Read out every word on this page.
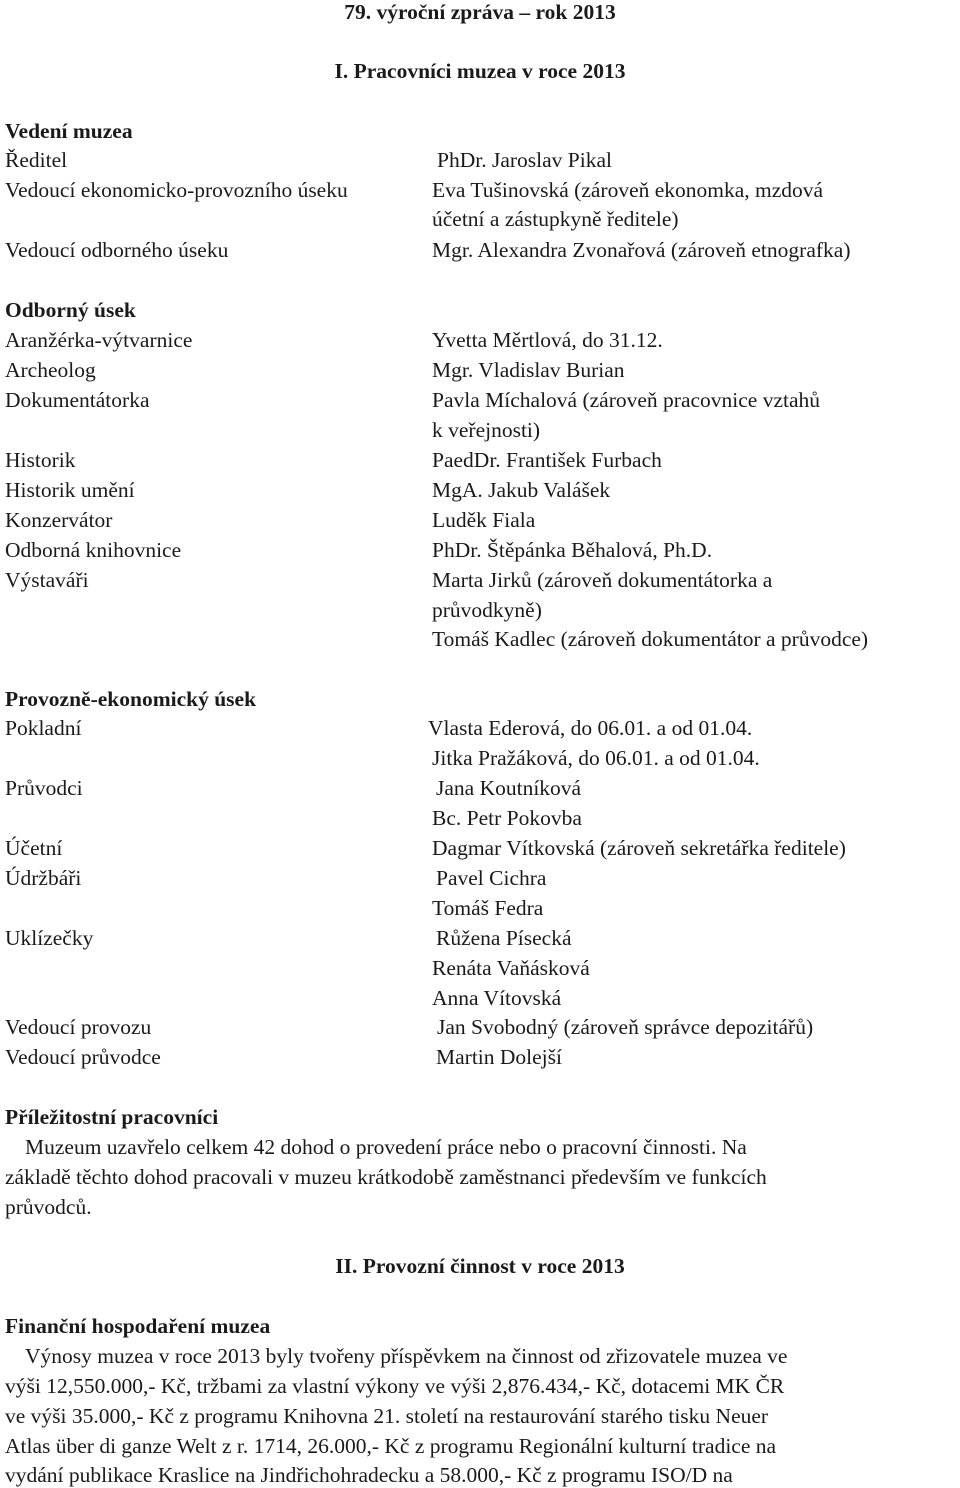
79. výroční zpráva – rok 2013
I. Pracovníci muzea v roce 2013
Vedení muzea
Ředitel	PhDr. Jaroslav Pikal
Vedoucí ekonomicko-provozního úseku	Eva Tušinovská (zároveň ekonomka, mzdová
účetní a zástupkyně ředitele)
Vedoucí odborného úseku	Mgr. Alexandra Zvonařová (zároveň etnografka)
Odborný úsek
Aranžérka-výtvarnice	Yvetta Měrtlová, do 31.12.
Archeolog	Mgr. Vladislav Burian
Dokumentátorka	Pavla Míchalová (zároveň pracovnice vztahů
k veřejnosti)
Historik	PaedDr. František Furbach
Historik umění	MgA. Jakub Valášek
Konzervátor	Luděk Fiala
Odborná knihovnice	PhDr. Štěpánka Běhalová, Ph.D.
Výstaváři	Marta Jirků (zároveň dokumentátorka a
průvodkyně)
Tomáš Kadlec (zároveň dokumentátor a průvodce)
Provozně-ekonomický úsek
Pokladní	Vlasta Ederová, do 06.01. a od 01.04.
Jitka Pražáková, do 06.01. a od 01.04.
Průvodci	Jana Koutníková
Bc. Petr Pokovba
Účetní	Dagmar Vítkovská (zároveň sekretářka ředitele)
Údržbáři	Pavel Cichra
Tomáš Fedra
Uklízečky	Růžena Písecká
Renáta Vaňásková
Anna Vítovská
Vedoucí provozu	Jan Svobodný (zároveň správce depozitářů)
Vedoucí průvodce	Martin Dolejší
Příležitostní pracovníci
Muzeum uzavřelo celkem 42 dohod o provedení práce nebo o pracovní činnosti. Na
základě těchto dohod pracovali v muzeu krátkodobě zaměstnanci především ve funkcích
průvodců.
II. Provozní činnost v roce 2013
Finanční hospodaření muzea
Výnosy muzea v roce 2013 byly tvořeny příspěvkem na činnost od zřizovatele muzea ve
výši 12,550.000,- Kč, tržbami za vlastní výkony ve výši 2,876.434,- Kč, dotacemi MK ČR
ve výši 35.000,- Kč z programu Knihovna 21. století na restaurování starého tisku Neuer
Atlas über di ganze Welt z r. 1714, 26.000,- Kč z programu Regionální kulturní tradice na
vydání publikace Kraslice na Jindřichohradecku a 58.000,- Kč z programu ISO/D na
